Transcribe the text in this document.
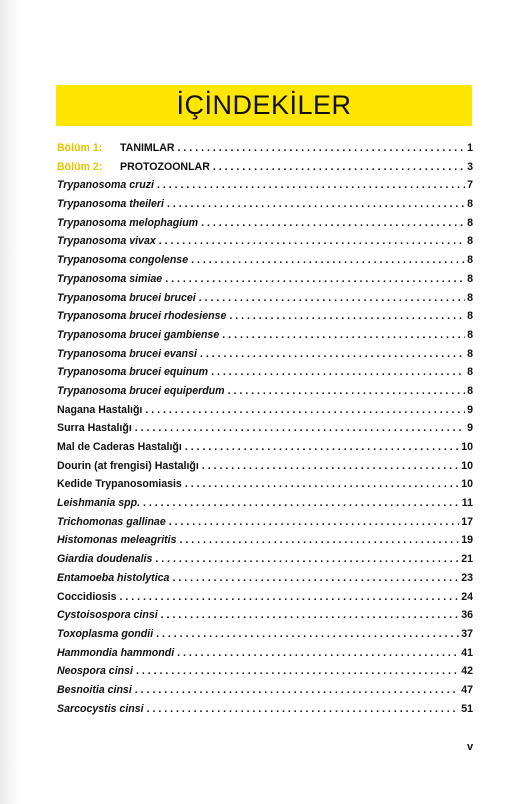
İÇİNDEKİLER
Bölüm 1:	TANIMLAR . . .	1
Bölüm 2:	PROTOZOONLAR . . .	3
Trypanosoma cruzi . . .	7
Trypanosoma theileri . . .	8
Trypanosoma melophagium . . .	8
Trypanosoma vivax . . .	8
Trypanosoma congolense . . .	8
Trypanosoma simiae . . .	8
Trypanosoma brucei brucei . . .	8
Trypanosoma brucei rhodesiense . . .	8
Trypanosoma brucei gambiense . . .	8
Trypanosoma brucei evansi . . .	8
Trypanosoma brucei equinum . . .	8
Trypanosoma brucei equiperdum . . .	8
Nagana Hastalığı . . .	9
Surra Hastalığı . . .	9
Mal de Caderas Hastalığı . . .	10
Dourin (at frengisi) Hastalığı . . .	10
Kedide Trypanosomiasis . . .	10
Leishmania spp. . . .	11
Trichomonas gallinae . . .	17
Histomonas meleagritis . . .	19
Giardia doudenalis . . .	21
Entamoeba histolytica . . .	23
Coccidiosis . . .	24
Cystoisospora cinsi . . .	36
Toxoplasma gondii . . .	37
Hammondia hammondi . . .	41
Neospora cinsi . . .	42
Besnoitia cinsi . . .	47
Sarcocystis cinsi . . .	51
v
